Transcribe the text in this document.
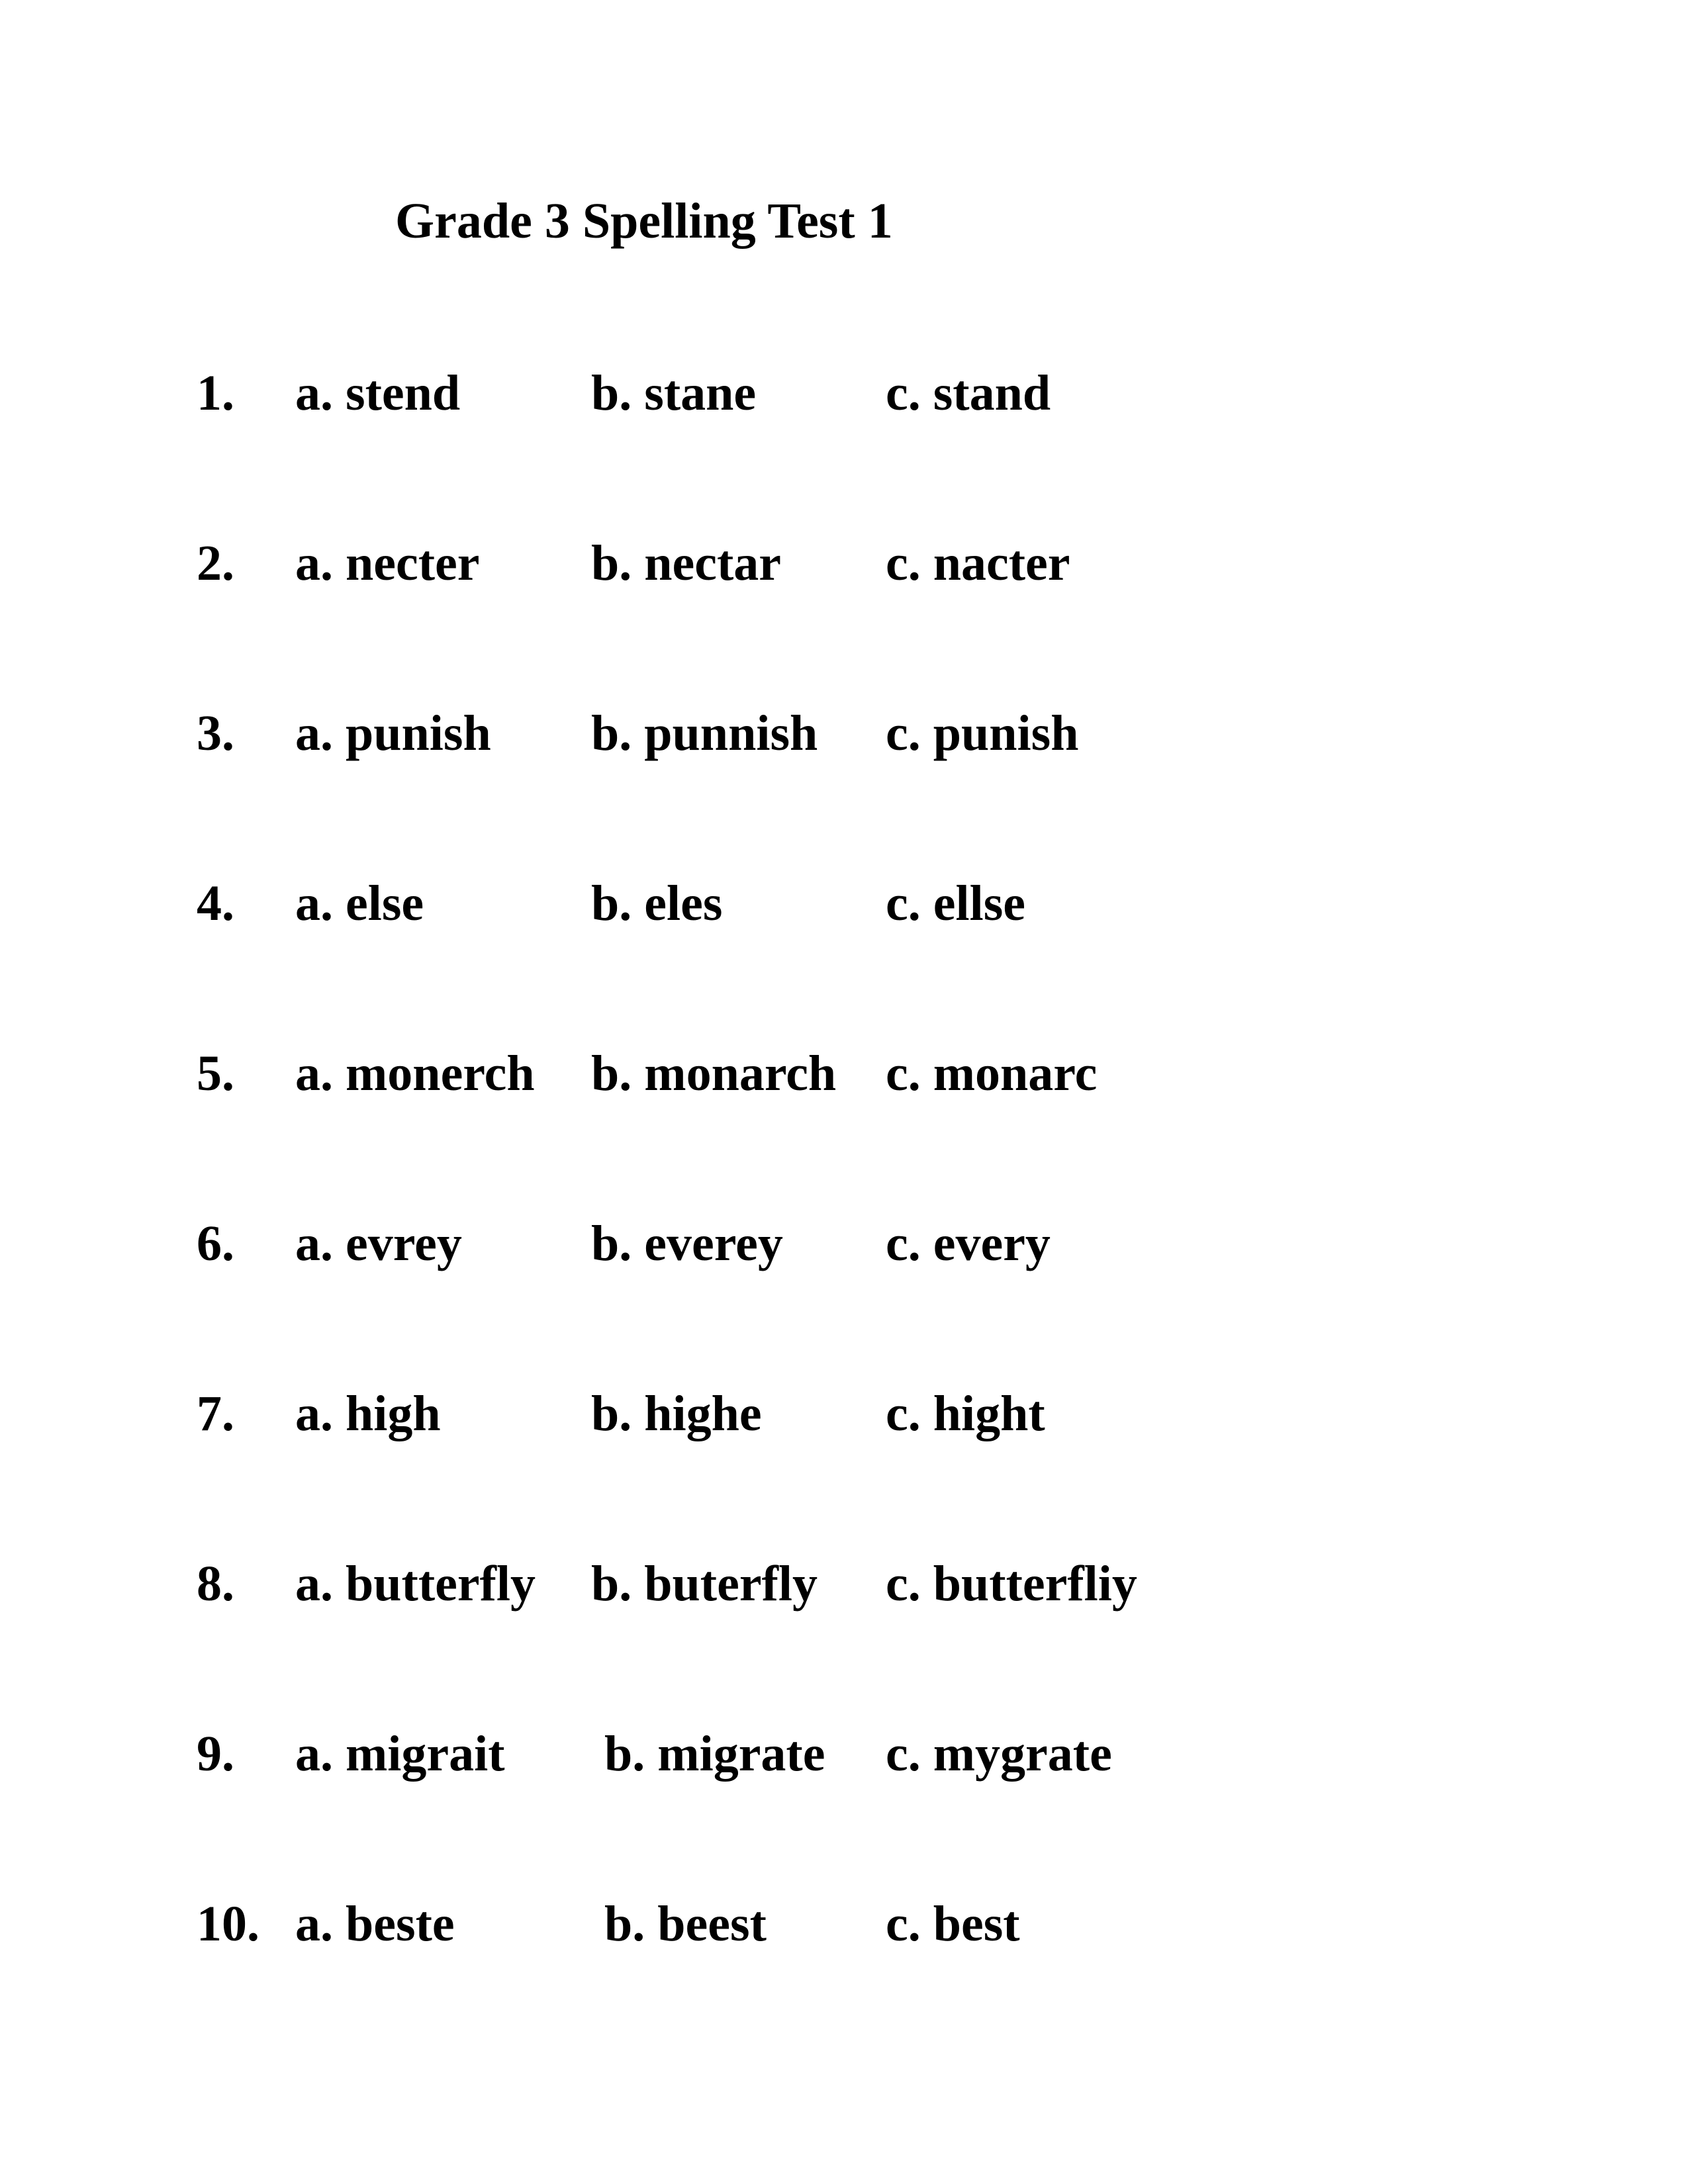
Grade 3 Spelling Test 1
1. a. stend	b. stane	c. stand
2. a. necter b. nectar c. nacter
3. a. punish b. punnish c. punish
4. a. else	b. eles	c. ellse
5. a. monerch b. monarch c. monarc
6. a. evrey	b. everey c. every
7. a. high	b. highe c. hight
8. a. butterfly b. buterfly c. butterfliy
9. a. migrait b. migrate c. mygrate
10. a. beste	b. beest c. best
